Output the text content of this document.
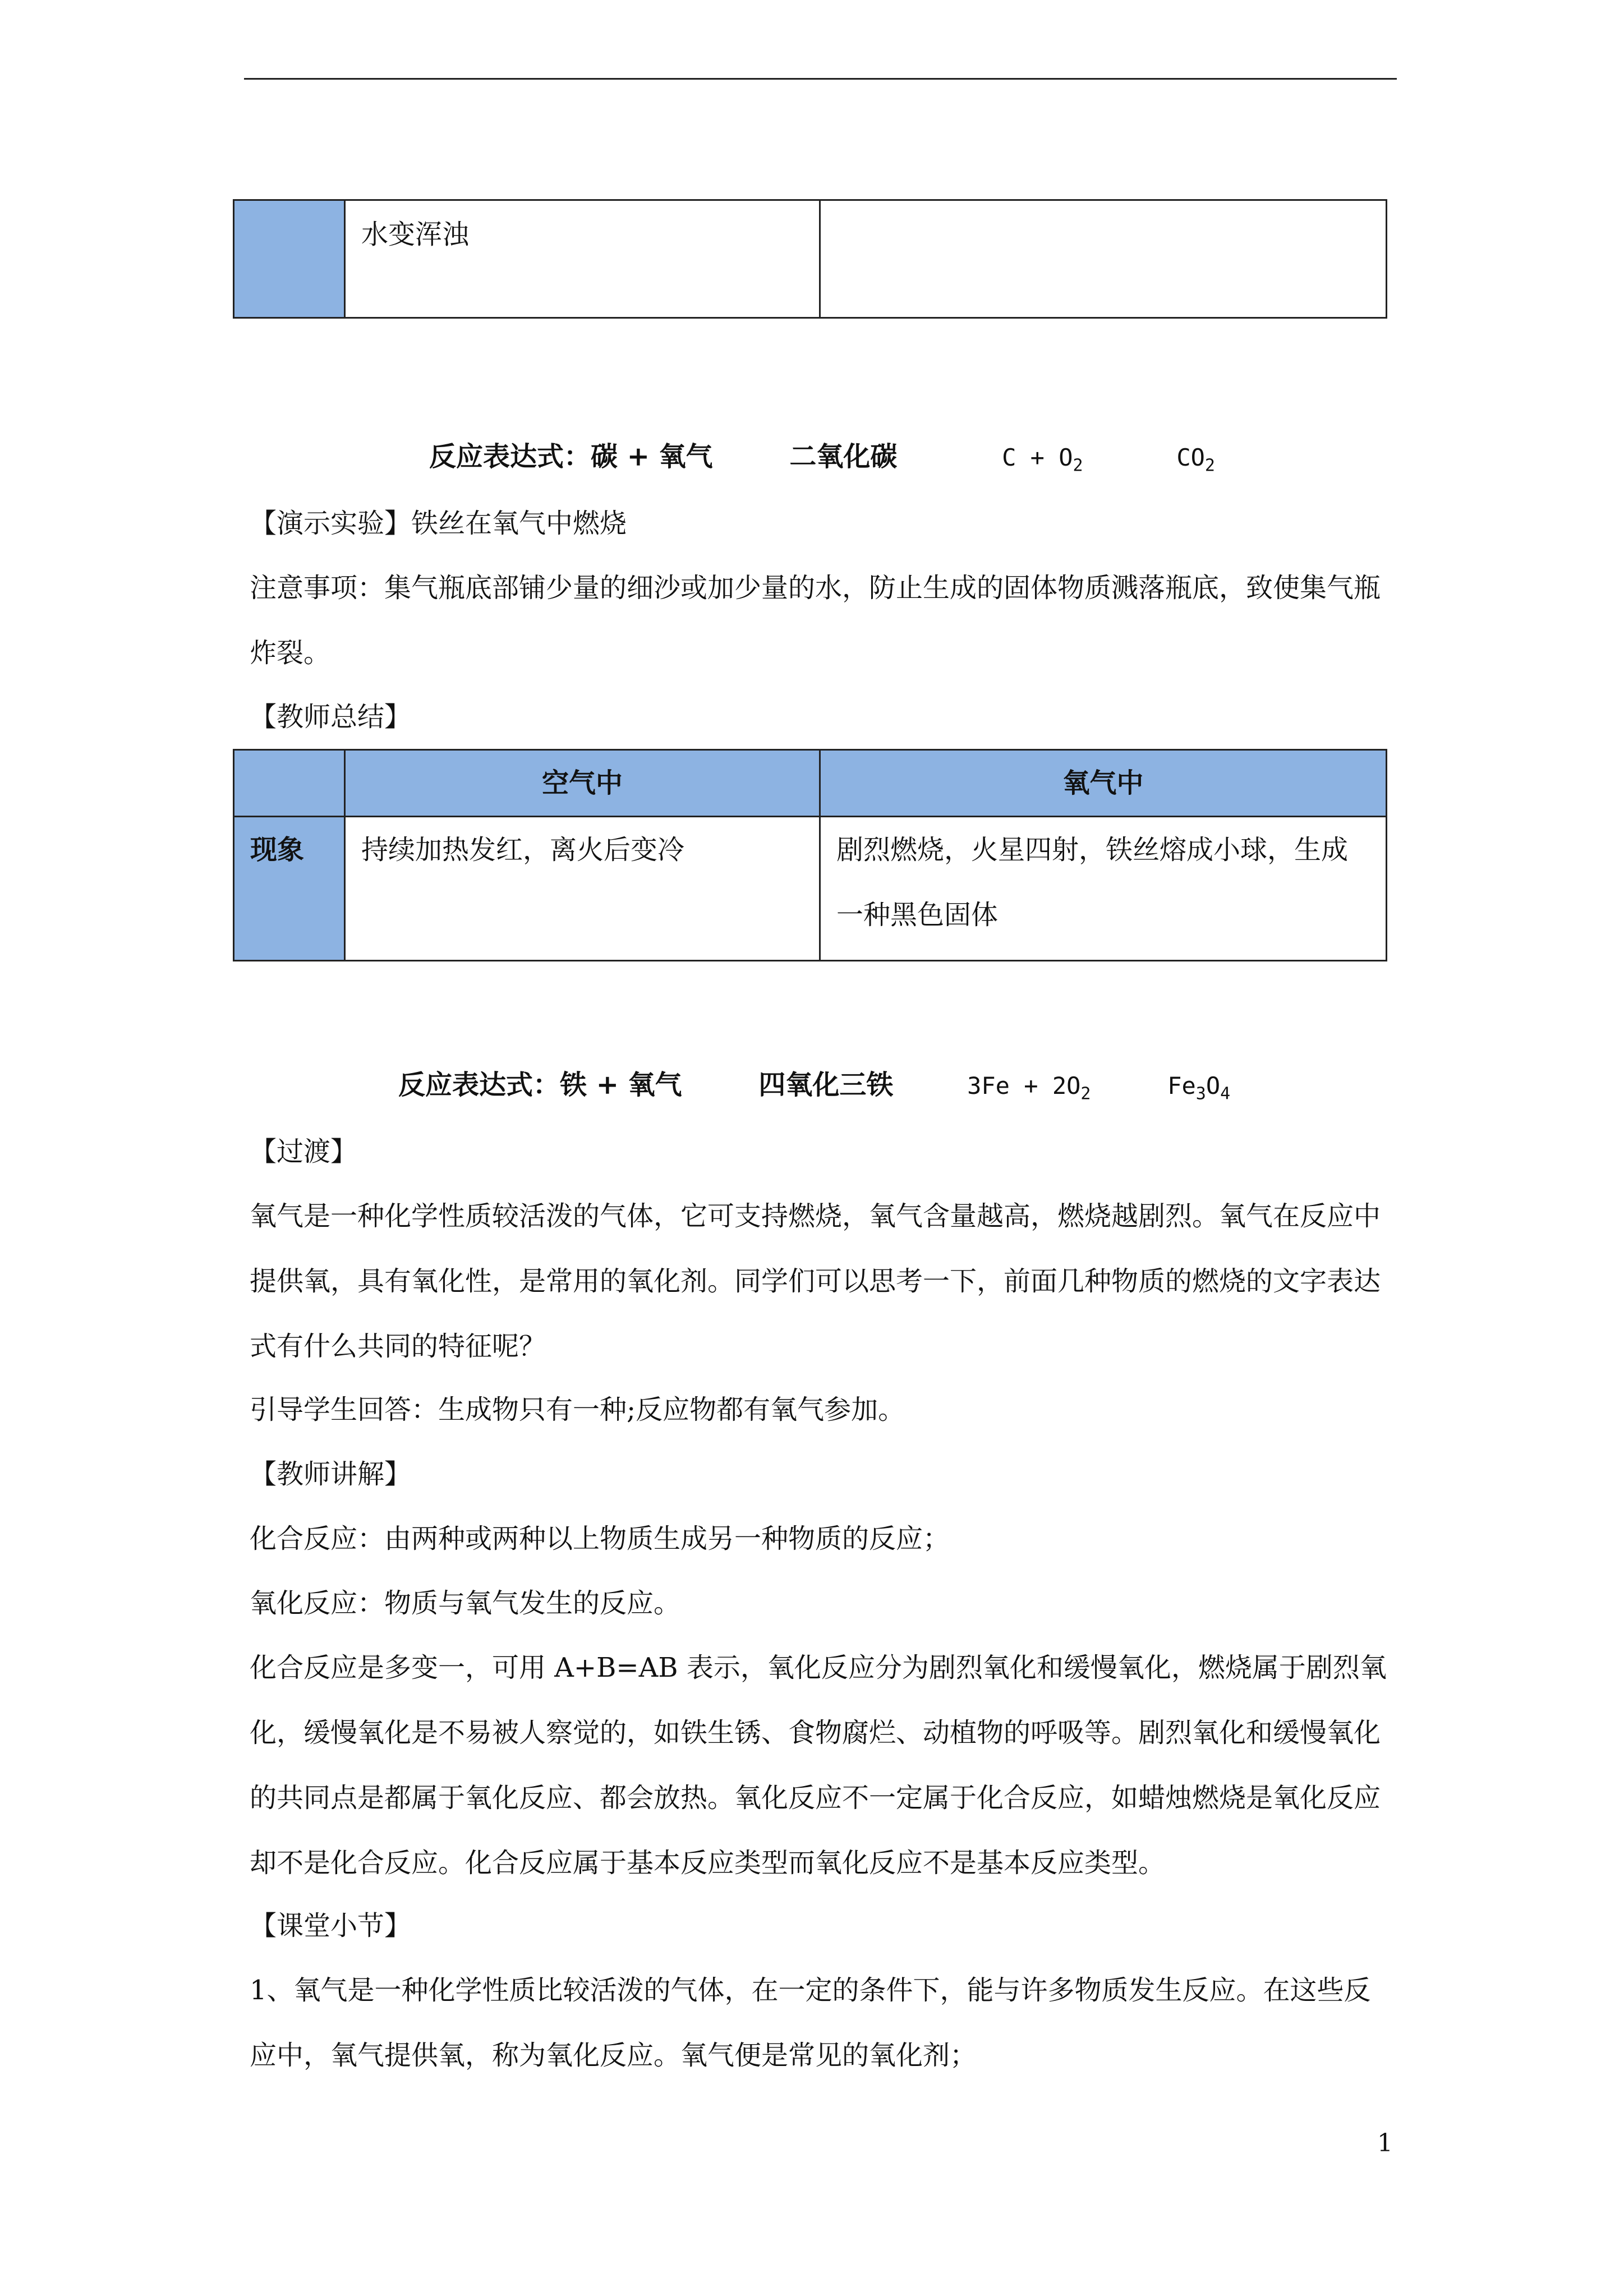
	水变浑浊	
反应表达式：碳 + 氧气	二氧化碳	$C + O_2$	$CO_2$
【演示实验】铁丝在氧气中燃烧
注意事项：集气瓶底部铺少量的细沙或加少量的水，防止生成的固体物质溅落瓶底，致使集气瓶炸裂。
【教师总结】
	空气中	氧气中
现象	持续加热发红，离火后变冷	剧烈燃烧，火星四射，铁丝熔成小球，生成一种黑色固体
反应表达式：铁 + 氧气	四氧化三铁	$3Fe + 2O_2$	$Fe_3O_4$
【过渡】
氧气是一种化学性质较活泼的气体，它可支持燃烧，氧气含量越高，燃烧越剧烈。氧气在反应中提供氧，具有氧化性，是常用的氧化剂。同学们可以思考一下，前面几种物质的燃烧的文字表达式有什么共同的特征呢？
引导学生回答：生成物只有一种;反应物都有氧气参加。
【教师讲解】
化合反应：由两种或两种以上物质生成另一种物质的反应；
氧化反应：物质与氧气发生的反应。
化合反应是多变一，可用 A+B=AB 表示，氧化反应分为剧烈氧化和缓慢氧化，燃烧属于剧烈氧化，缓慢氧化是不易被人察觉的，如铁生锈、食物腐烂、动植物的呼吸等。剧烈氧化和缓慢氧化的共同点是都属于氧化反应、都会放热。氧化反应不一定属于化合反应，如蜡烛燃烧是氧化反应却不是化合反应。化合反应属于基本反应类型而氧化反应不是基本反应类型。
【课堂小节】
1、氧气是一种化学性质比较活泼的气体，在一定的条件下，能与许多物质发生反应。在这些反应中，氧气提供氧，称为氧化反应。氧气便是常见的氧化剂；
1
